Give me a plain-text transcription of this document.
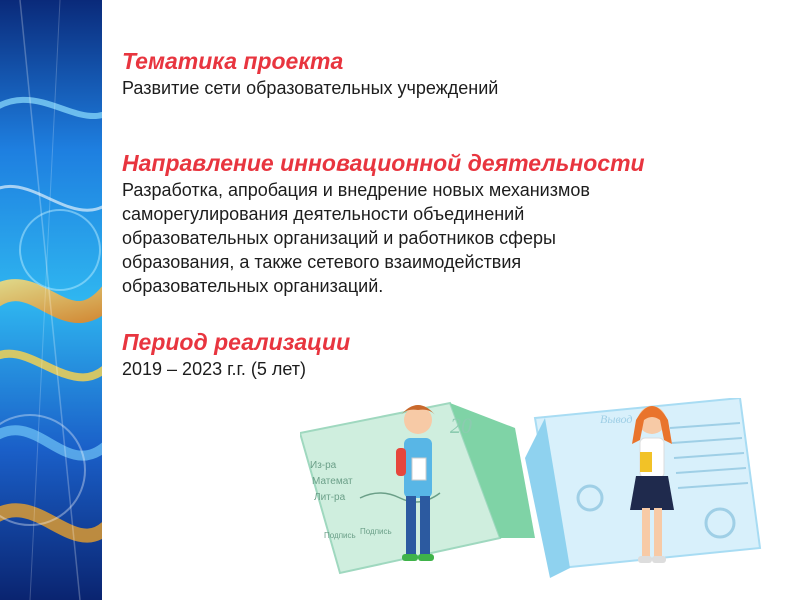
Тематика проекта

Развитие сети образовательных учреждений

Направление инновационной деятельности

Разработка, апробация и внедрение новых механизмов

саморегулирования деятельности объединений

образовательных организаций и работников сферы

образования, а также сетевого взаимодействия

образовательных организаций.

Период реализации

2019 – 2023 г.г. (5 лет)

20
Из-ра
Математ
Лит-ра
Подпись Подпись
Вывод
